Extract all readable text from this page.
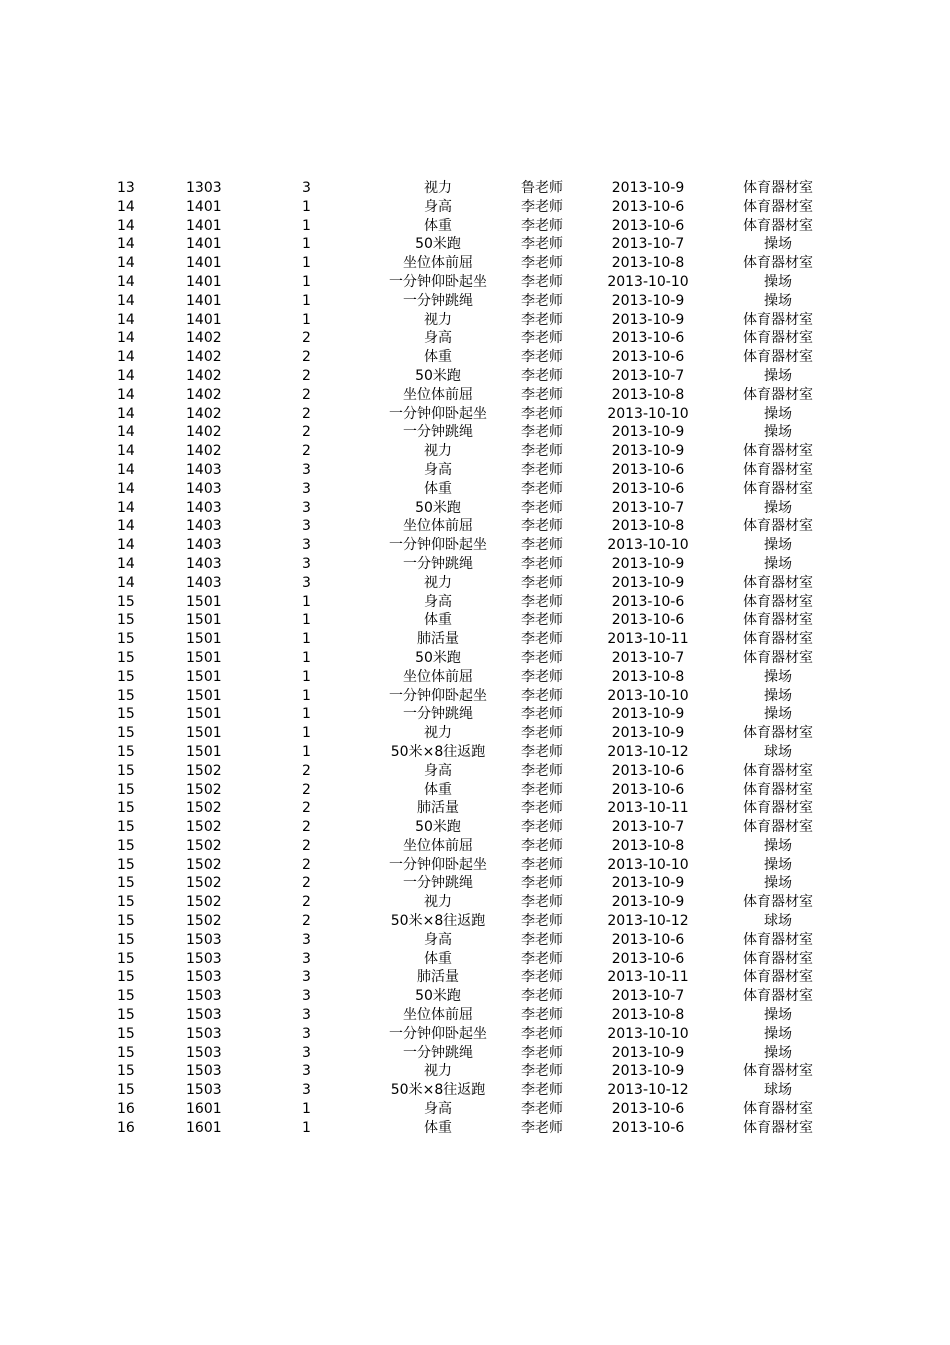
13	1303	3	视力	鲁老师	2013-10-9	体育器材室
14	1401	1	身高	李老师	2013-10-6	体育器材室
14	1401	1	体重	李老师	2013-10-6	体育器材室
14	1401	1	50米跑	李老师	2013-10-7	操场
14	1401	1	坐位体前屈	李老师	2013-10-8	体育器材室
14	1401	1	一分钟仰卧起坐 李老师	2013-10-10	操场
14	1401	1	一分钟跳绳	李老师	2013-10-9	操场
14	1401	1	视力	李老师	2013-10-9	体育器材室
14	1402	2	身高	李老师	2013-10-6	体育器材室
14	1402	2	体重	李老师	2013-10-6	体育器材室
14	1402	2	50米跑	李老师	2013-10-7	操场
14	1402	2	坐位体前屈	李老师	2013-10-8	体育器材室
14	1402	2	一分钟仰卧起坐 李老师	2013-10-10	操场
14	1402	2	一分钟跳绳	李老师	2013-10-9	操场
14	1402	2	视力	李老师	2013-10-9	体育器材室
14	1403	3	身高	李老师	2013-10-6	体育器材室
14	1403	3	体重	李老师	2013-10-6	体育器材室
14	1403	3	50米跑	李老师	2013-10-7	操场
14	1403	3	坐位体前屈	李老师	2013-10-8	体育器材室
14	1403	3	一分钟仰卧起坐 李老师	2013-10-10	操场
14	1403	3	一分钟跳绳	李老师	2013-10-9	操场
14	1403	3	视力	李老师	2013-10-9	体育器材室
15	1501	1	身高	李老师	2013-10-6	体育器材室
15	1501	1	体重	李老师	2013-10-6	体育器材室
15	1501	1	肺活量	李老师	2013-10-11	体育器材室
15	1501	1	50米跑	李老师	2013-10-7	体育器材室
15	1501	1	坐位体前屈	李老师	2013-10-8	操场
15	1501	1	一分钟仰卧起坐 李老师	2013-10-10	操场
15	1501	1	一分钟跳绳	李老师	2013-10-9	操场
15	1501	1	视力	李老师	2013-10-9	体育器材室
15	1501	1	50米×8往返跑	李老师	2013-10-12	球场
15	1502	2	身高	李老师	2013-10-6	体育器材室
15	1502	2	体重	李老师	2013-10-6	体育器材室
15	1502	2	肺活量	李老师	2013-10-11	体育器材室
15	1502	2	50米跑	李老师	2013-10-7	体育器材室
15	1502	2	坐位体前屈	李老师	2013-10-8	操场
15	1502	2	一分钟仰卧起坐 李老师	2013-10-10	操场
15	1502	2	一分钟跳绳	李老师	2013-10-9	操场
15	1502	2	视力	李老师	2013-10-9	体育器材室
15	1502	2	50米×8往返跑	李老师	2013-10-12	球场
15	1503	3	身高	李老师	2013-10-6	体育器材室
15	1503	3	体重	李老师	2013-10-6	体育器材室
15	1503	3	肺活量	李老师	2013-10-11	体育器材室
15	1503	3	50米跑	李老师	2013-10-7	体育器材室
15	1503	3	坐位体前屈	李老师	2013-10-8	操场
15	1503	3	一分钟仰卧起坐 李老师	2013-10-10	操场
15	1503	3	一分钟跳绳	李老师	2013-10-9	操场
15	1503	3	视力	李老师	2013-10-9	体育器材室
15	1503	3	50米×8往返跑	李老师	2013-10-12	球场
16	1601	1	身高	李老师	2013-10-6	体育器材室
16	1601	1	体重	李老师	2013-10-6	体育器材室
